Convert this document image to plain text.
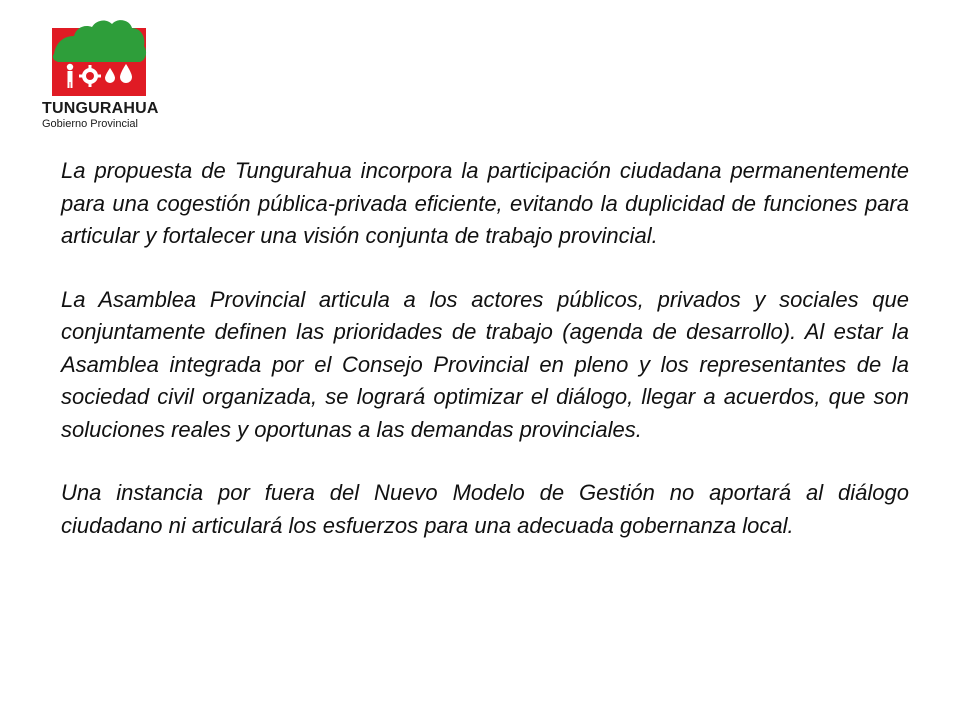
TUNGURAHUA
Gobierno Provincial

La propuesta de Tungurahua incorpora la participación ciudadana permanentemente para una cogestión pública-privada eficiente, evitando la duplicidad de funciones para articular y fortalecer una visión conjunta de trabajo provincial.

La Asamblea Provincial articula a los actores públicos, privados y sociales que conjuntamente definen las prioridades de trabajo (agenda de desarrollo). Al estar la Asamblea integrada por el Consejo Provincial en pleno y los representantes de la sociedad civil organizada, se logrará optimizar el diálogo, llegar a acuerdos, que son soluciones reales y oportunas a las demandas provinciales.

Una instancia por fuera del Nuevo Modelo de Gestión no aportará al diálogo ciudadano ni articulará los esfuerzos para una adecuada gobernanza local.
